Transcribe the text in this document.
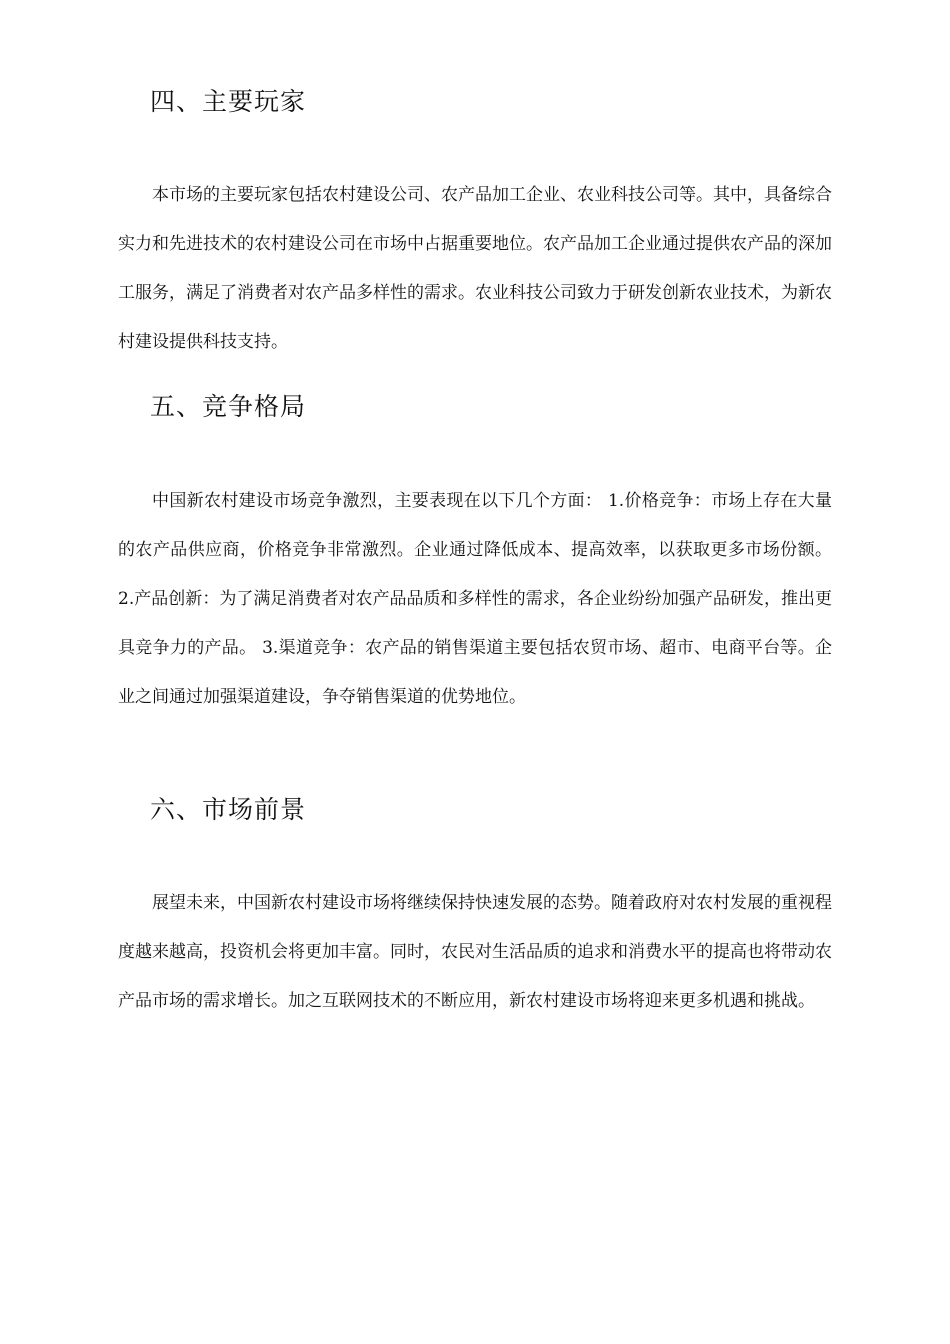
四、主要玩家

本市场的主要玩家包括农村建设公司、农产品加工企业、农业科技公司等。其中，具备综合实力和先进技术的农村建设公司在市场中占据重要地位。农产品加工企业通过提供农产品的深加工服务，满足了消费者对农产品多样性的需求。农业科技公司致力于研发创新农业技术，为新农村建设提供科技支持。

五、竞争格局

中国新农村建设市场竞争激烈，主要表现在以下几个方面： 1.价格竞争：市场上存在大量的农产品供应商，价格竞争非常激烈。企业通过降低成本、提高效率，以获取更多市场份额。 2.产品创新：为了满足消费者对农产品品质和多样性的需求，各企业纷纷加强产品研发，推出更具竞争力的产品。 3.渠道竞争：农产品的销售渠道主要包括农贸市场、超市、电商平台等。企业之间通过加强渠道建设，争夺销售渠道的优势地位。

六、市场前景

展望未来，中国新农村建设市场将继续保持快速发展的态势。随着政府对农村发展的重视程度越来越高，投资机会将更加丰富。同时，农民对生活品质的追求和消费水平的提高也将带动农产品市场的需求增长。加之互联网技术的不断应用，新农村建设市场将迎来更多机遇和挑战。
